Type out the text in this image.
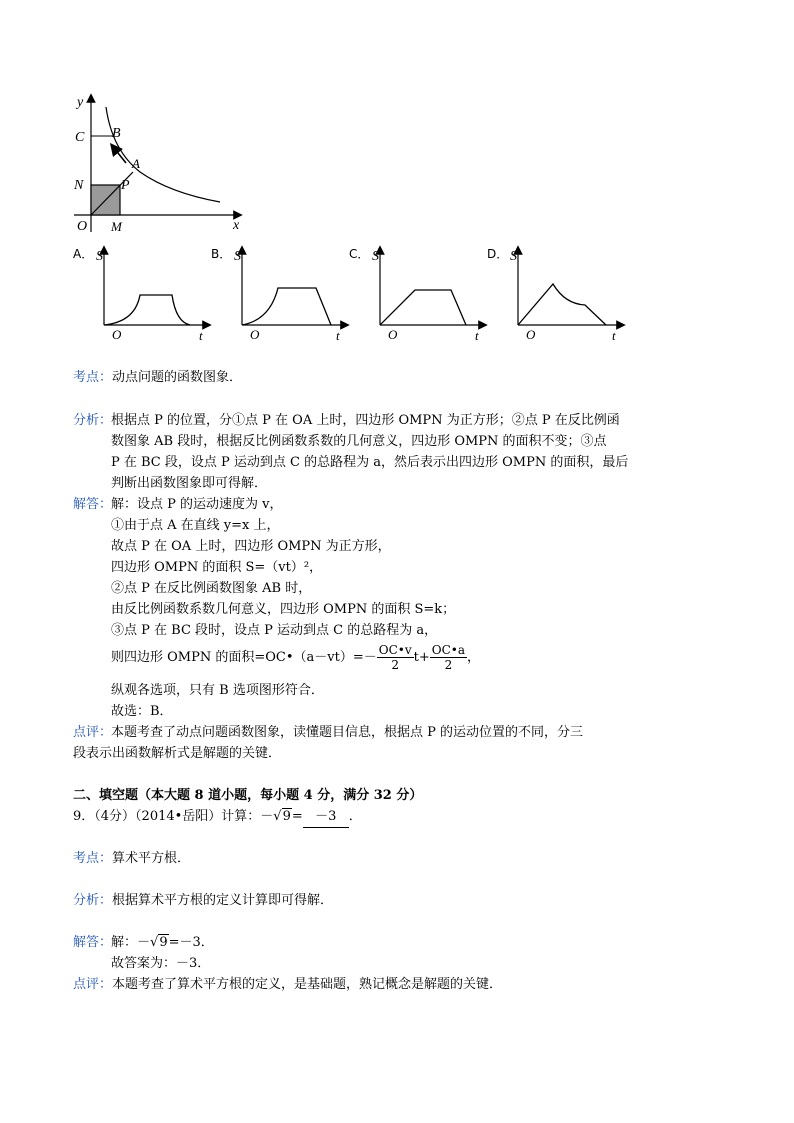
y
x
C B
A
N	P
O M
A． S
O	t
B． S
O	t
C． S
O	t
D． S
O	t
考点：动点问题的函数图象．
分析：
根据点 P 的位置，分①点 P 在 OA 上时，四边形 OMPN 为正方形；②点 P 在反比例函
数图象 AB 段时，根据反比例函数系数的几何意义，四边形 OMPN 的面积不变；③点
P 在 BC 段，设点 P 运动到点 C 的总路程为 a，然后表示出四边形 OMPN 的面积，最后
判断出函数图象即可得解．
解答：
解：设点 P 的运动速度为 v，
①由于点 A 在直线 y=x 上，
故点 P 在 OA 上时，四边形 OMPN 为正方形，
四边形 OMPN 的面积 S=（vt）²，
②点 P 在反比例函数图象 AB 时，
由反比例函数系数几何意义，四边形 OMPN 的面积 S=k；
③点 P 在 BC 段时，设点 P 运动到点 C 的总路程为 a，
则四边形 OMPN 的面积=OC•（a－vt）=－ $\frac{OC•v}{2} t+ \frac{OC•a}{2}$ ，
纵观各选项，只有 B 选项图形符合．
故选：B．
点评：
本题考查了动点问题函数图象，读懂题目信息，根据点 P 的运动位置的不同，分三
段表示出函数解析式是解题的关键．
二、填空题（本大题 8 道小题，每小题 4 分，满分 32 分）
9．（4分）（2014•岳阳）计算：－√9= －3 ．
考点：算术平方根．
分析：根据算术平方根的定义计算即可得解．
解答：
解：－√9=－3．
故答案为：－3．
点评：本题考查了算术平方根的定义，是基础题，熟记概念是解题的关键．
